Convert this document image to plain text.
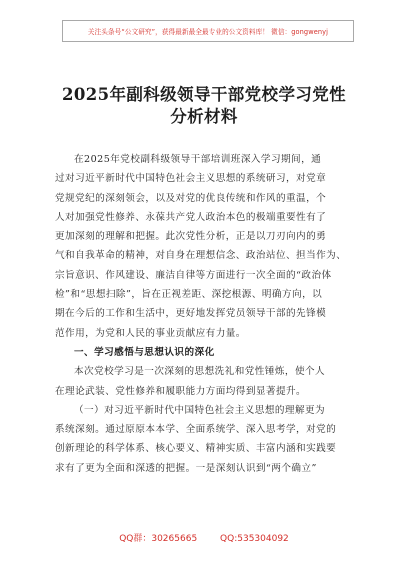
关注头条号“公文研究”，获得最新最全最专业的公文资料库！ 微信：gongwenyj
2025年副科级领导干部党校学习党性
分析材料
在2025年党校副科级领导干部培训班深入学习期间，通
过对习近平新时代中国特色社会主义思想的系统研习，对党章
党规党纪的深刻领会，以及对党的优良传统和作风的重温，个
人对加强党性修养、永葆共产党人政治本色的极端重要性有了
更加深刻的理解和把握。此次党性分析，正是以刀刃向内的勇
气和自我革命的精神，对自身在理想信念、政治站位、担当作为、
宗旨意识、作风建设、廉洁自律等方面进行一次全面的“政治体
检”和“思想扫除”，旨在正视差距、深挖根源、明确方向，以
期在今后的工作和生活中，更好地发挥党员领导干部的先锋模
范作用，为党和人民的事业贡献应有力量。
一、学习感悟与思想认识的深化
本次党校学习是一次深刻的思想洗礼和党性锤炼，使个人
在理论武装、党性修养和履职能力方面均得到显著提升。
（一）对习近平新时代中国特色社会主义思想的理解更为
系统深刻。通过原原本本学、全面系统学、深入思考学，对党的
创新理论的科学体系、核心要义、精神实质、丰富内涵和实践要
求有了更为全面和深透的把握。一是深刻认识到“两个确立”
QQ群：30265665	QQ:535304092
